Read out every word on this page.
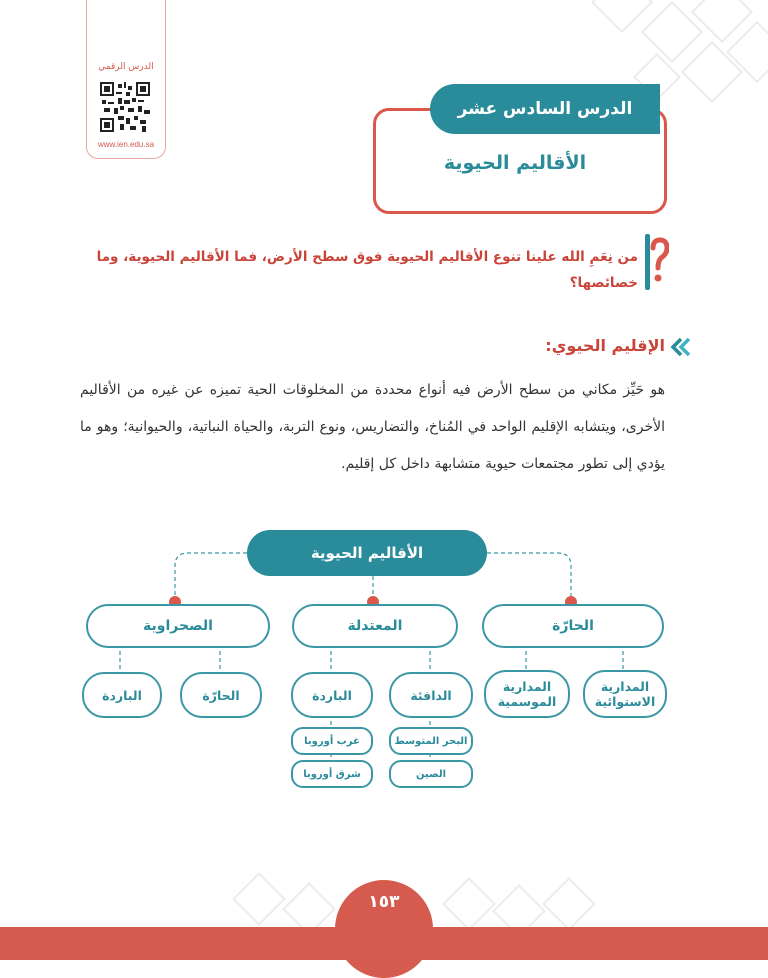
الدرس الرقمي
www.ien.edu.sa
الدرس السادس عشر
الأقاليم الحيوية
من نِعَمِ الله علينا تنوع الأقاليم الحيوية فوق سطح الأرض، فما الأقاليم الحيوية، وما خصائصها؟
الإقليم الحيوي:
هو حَيِّز مكاني من سطح الأرض فيه أنواع محددة من المخلوقات الحية تميزه عن غيره من الأقاليم الأخرى، ويتشابه الإقليم الواحد في المُناخ، والتضاريس، ونوع التربة، والحياة النباتية، والحيوانية؛ وهو ما يؤدي إلى تطور مجتمعات حيوية متشابهة داخل كل إقليم.
الأقاليم الحيوية
الصحراوية	المعتدلة	الحارّة
الباردة	الحارّة	الباردة	الدافئة
المدارية الموسمية
المدارية الاستوائية
غرب أوروبا	البحر المتوسط
شرق أوروبا	الصين
١٥٣
